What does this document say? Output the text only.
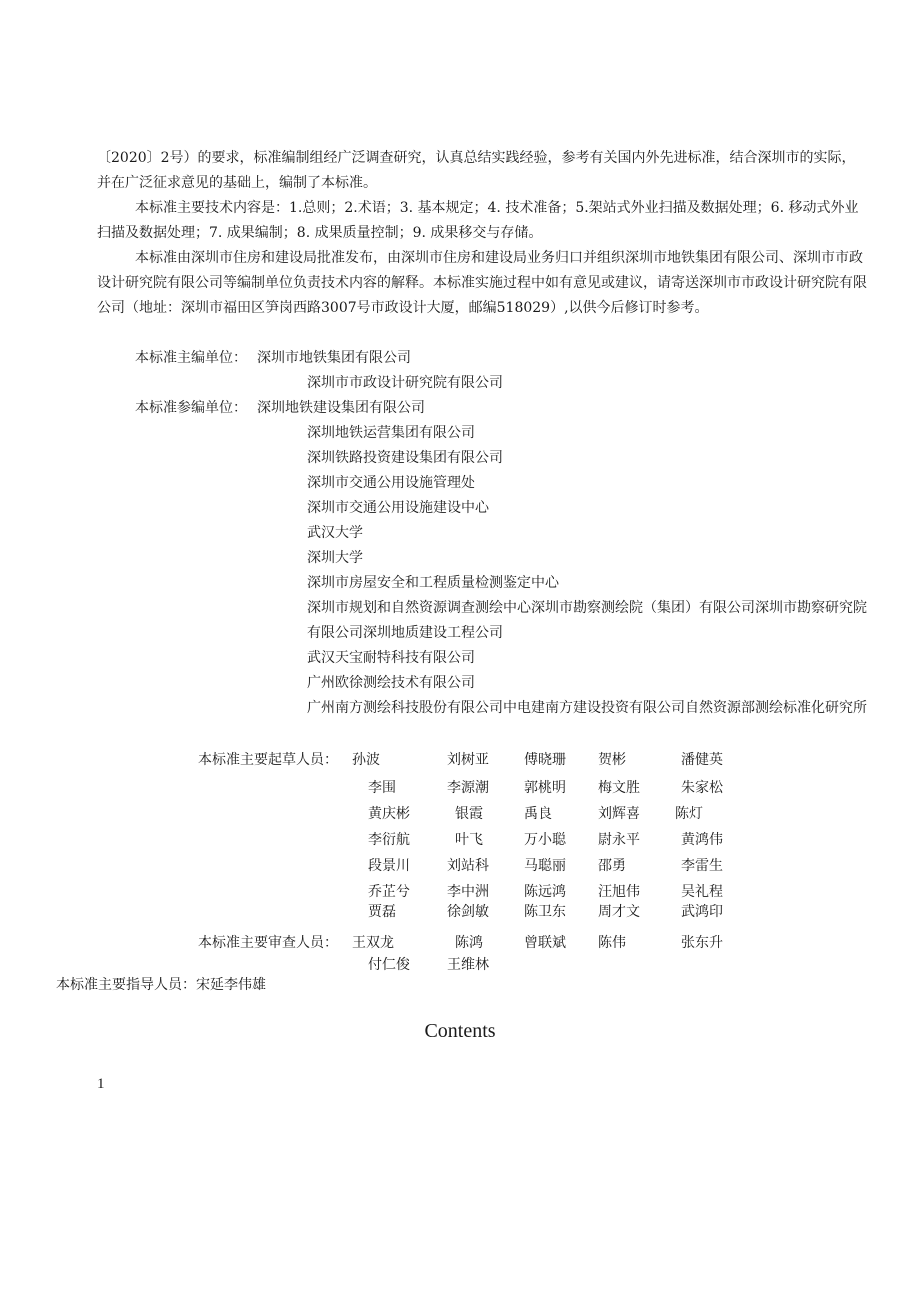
〔2020〕2号）的要求，标准编制组经广泛调查研究，认真总结实践经验，参考有关国内外先进标准，结合深圳市的实际，并在广泛征求意见的基础上，编制了本标准。
本标准主要技术内容是：1.总则；2.术语；3. 基本规定；4. 技术准备；5.架站式外业扫描及数据处理；6. 移动式外业扫描及数据处理；7. 成果编制；8. 成果质量控制；9. 成果移交与存储。
本标准由深圳市住房和建设局批准发布，由深圳市住房和建设局业务归口并组织深圳市地铁集团有限公司、深圳市市政设计研究院有限公司等编制单位负责技术内容的解释。本标准实施过程中如有意见或建议，请寄送深圳市市政设计研究院有限公司（地址：深圳市福田区笋岗西路3007号市政设计大厦，邮编518029）,以供今后修订时参考。
本标准主编单位： 深圳市地铁集团有限公司
深圳市市政设计研究院有限公司
本标准参编单位： 深圳地铁建设集团有限公司
深圳地铁运营集团有限公司
深圳铁路投资建设集团有限公司
深圳市交通公用设施管理处
深圳市交通公用设施建设中心
武汉大学
深圳大学
深圳市房屋安全和工程质量检测鉴定中心
深圳市规划和自然资源调查测绘中心深圳市勘察测绘院（集团）有限公司深圳市勘察研究院有限公司深圳地质建设工程公司
武汉天宝耐特科技有限公司
广州欧徐测绘技术有限公司
广州南方测绘科技股份有限公司中电建南方建设投资有限公司自然资源部测绘标准化研究所
本标准主要起草人员： 孙波	刘树亚	傅晓珊 贺彬	潘健英
李围	李源潮	郭桃明 梅文胜	朱家松
黄庆彬	银霞	禹良	刘辉喜	陈灯
李衍航	叶飞	万小聪 尉永平	黄鸿伟
段景川	刘站科	马聪丽 邵勇	李雷生
乔芷兮	李中洲	陈远鸿 汪旭伟	吴礼程
贾磊	徐剑敏	陈卫东 周才文	武鸿印
本标准主要审查人员： 王双龙	陈鸿	曾联斌 陈伟	张东升
付仁俊	王维林
本标准主要指导人员： 宋延李伟雄
Contents
1
